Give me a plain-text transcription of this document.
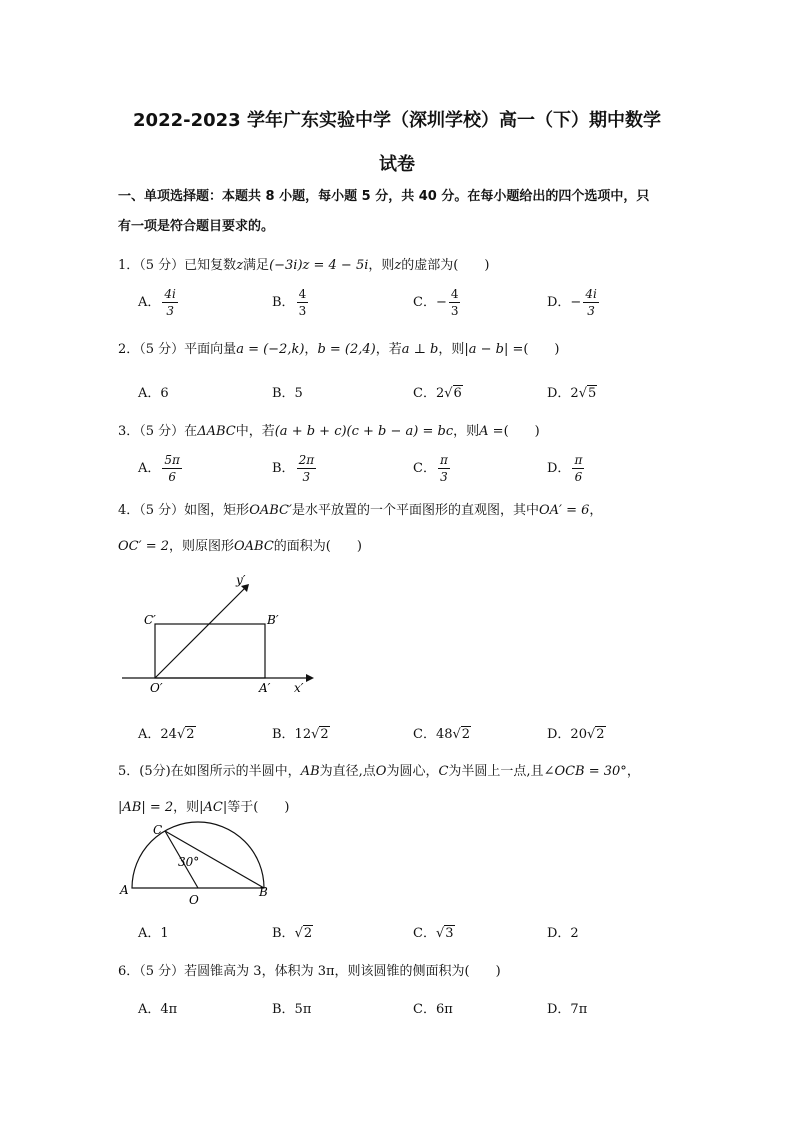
2022-2023 学年广东实验中学（深圳学校）高一（下）期中数学
试卷
一、单项选择题：本题共 8 小题，每小题 5 分，共 40 分。在每小题给出的四个选项中，只
有一项是符合题目要求的。
1．（5 分）已知复数z满足(−3i)z = 4 − 5i，则z的虚部为(　　)
A． $\frac{4i}{3}$	B． $\frac{4}{3}$	C．− $\frac{4}{3}$	D．− $\frac{4i}{3}$
2．（5 分）平面向量a = (−2,k)，b = (2,4)，若a ⊥ b，则|a − b| =(　　)
A．6	B．5	C．2√6	D．2√5
3．（5 分）在ΔABC中，若(a + b + c)(c + b − a) = bc，则A =(　　)
A． $\frac{5\pi}{6}$	B． $\frac{2\pi}{3}$	C． $\frac{\pi}{3}$	D． $\frac{\pi}{6}$
4．（5 分）如图，矩形OABC′是水平放置的一个平面图形的直观图，其中OA′ = 6，
OC′ = 2，则原图形OABC的面积为(　　)
y′
C′	B′
O′	A′ x′
A．24√2	B．12√2	C．48√2	D．20√2
5．(5分)在如图所示的半圆中，AB为直径,点O为圆心，C为半圆上一点,且∠OCB = 30°，
|AB| = 2，则|AC|等于(　　)
C
30°
A
O
B
A．1	B．√2	C．√3	D．2
6．（5 分）若圆锥高为 3，体积为 3π，则该圆锥的侧面积为(　　)
A．4π	B．5π	C．6π	D．7π
